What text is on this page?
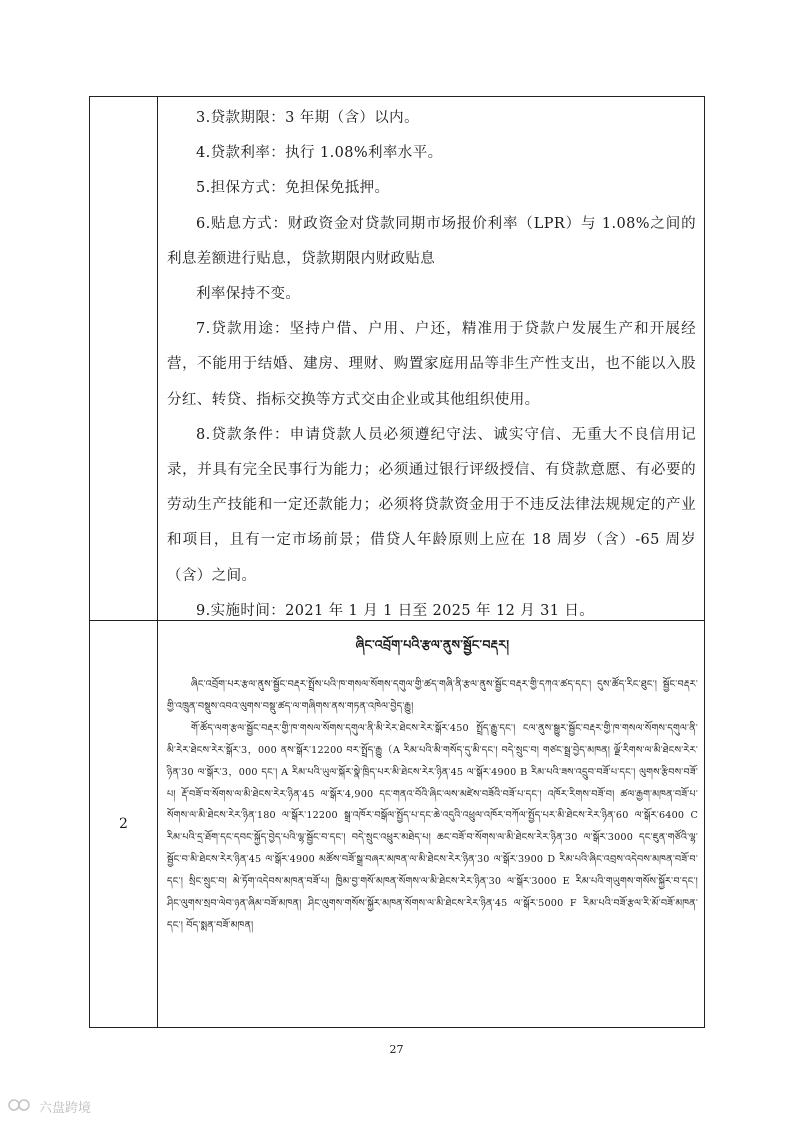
3.贷款期限：3 年期（含）以内。

4.贷款利率：执行 1.08%利率水平。

5.担保方式：免担保免抵押。

6.贴息方式：财政资金对贷款同期市场报价利率（LPR）与 1.08%之间的利息差额进行贴息，贷款期限内财政贴息

利率保持不变。

7.贷款用途：坚持户借、户用、户还，精准用于贷款户发展生产和开展经营，不能用于结婚、建房、理财、购置家庭用品等非生产性支出，也不能以入股分红、转贷、指标交换等方式交由企业或其他组织使用。

8.贷款条件：申请贷款人员必须遵纪守法、诚实守信、无重大不良信用记录，并具有完全民事行为能力；必须通过银行评级授信、有贷款意愿、有必要的劳动生产技能和一定还款能力；必须将贷款资金用于不违反法律法规规定的产业和项目，且有一定市场前景；借贷人年龄原则上应在 18 周岁（含）-65 周岁（含）之间。

9.实施时间：2021 年 1 月 1 日至 2025 年 12 月 31 日。

2
ཞིང་འབྲོག་པའི་རྩལ་ནུས་སྦྱོང་བརྡར།

ཞིང་འབྲོག་པར་རྩལ་ནུས་སྦྱོང་བརྡར་སྤྲོས་པའི་ཁ་གསལ་སོགས་དགུལ་གྱི་ཚད་གཞི་ནི་རྩལ་ནུས་སྦྱོང་བརྡར་གྱི་དཀའ་ཚད་དང་། དུས་ཚོད་རིང་ཐུང་། སྦྱོང་བརྡར་གྱི་འཁྲུན་བསྡུས་འབའ་ལུགས་བསྡུ་ཚད་ལ་གཞིགས་ནས་གཏན་འཁེལ་བྱེད་རྒྱུ།

གོ་ཚོད་ལག་རྩལ་སྦྱོང་བརྡར་གྱི་ཁ་གསལ་སོགས་དགུལ་ནི་མི་རེར་ཐེངས་རེར་སྒོར་450 སྤྲོད་རྒྱུ་དང་། ངལ་ནུས་སྒྱུར་སྦྱོང་བརྡར་གྱི་ཁ་གསལ་སོགས་དགུལ་ནི་མི་རེར་ཐེངས་རེར་སྒོར་3，000 ནས་སྒོར་12200 བར་སྤྲོད་རྒྱུ（A རིམ་པའི་མི་གསོད་དུ་མི་དང་། བདེ་སྲུང་བ། གཙང་སྦྲ་བྱེད་མཁན། ལྗོ་རིགས་ལ་མི་ཐེངས་རེར་ཉིན་30 ལ་སྒོར་3，000 དང་། A རིམ་པའི་ཡུལ་སྐོར་སྣེ་ཁྲིད་པར་མི་ཐེངས་རེར་ཉིན་45 ལ་སྒོར་4900 B རིམ་པའི་ཟས་འདྲུབ་བཟོ་པ་དང་། ལུགས་རྩིབས་བཟོ་པ། རྡོ་བཟོ་བ་སོགས་ལ་མི་ཐེངས་རེར་ཉིན་45 ལ་སྒོར་4,900 དང་གནའ་བོའི་ཞིང་ལས་མཛེས་བཟོའི་བཟོ་པ་དང་། འཁོར་རིགས་བཟོ་བ། ཚལ་རྒྱག་མཁན་བཟོ་པ་སོགས་ལ་མི་ཐེངས་རེར་ཉིན་180 ལ་སྒོར་12200 སྒྲ་འཁོར་བསྒོལ་སྤྱོད་པ་དང་ཆེ་འདུའི་འཕྲུལ་འཁོར་བཀོལ་སྤྱོད་པར་མི་ཐེངས་རེར་ཉིན་60 ལ་སྒོར་6400 C རིམ་པའི་དྲ་ཐོག་དང་དབང་སྐྱོད་བྱེད་པའི་ལྷ་སྦྱོང་བ་དང་། བདེ་སྲུང་འཕྲུར་མཐེད་པ། ཆང་བཟོ་བ་སོགས་ལ་མི་ཐེངས་རེར་ཉིན་30 ལ་སྒོར་3000 དང་ཇུན་གཙོའི་ལྷ་སྦྱོང་བ་མི་ཐེངས་རེར་ཉིན་45 ལ་སྒོར་4900 མཚོས་བཟོ་སྒྲ་བཞར་མཁན་ལ་མི་ཐེངས་རེར་ཉིན་30 ལ་སྒོར་3900 D རིམ་པའི་ཞིང་འབྲས་འདེབས་མཁན་བཟོ་བ་དང་། སྲིང་སྲུང་བ། མེ་ཏོག་འདེབས་མཁན་བཟོ་པ། ཁྱིམ་བྱ་གསོ་མཁན་སོགས་ལ་མི་ཐེངས་རེར་ཉིན་30 ལ་སྒོར་3000 E རིམ་པའི་གཡུགས་གསོས་སྐྱོར་བ་དང་། ཤིང་ལུགས་སྲབ་ལེབ་ཉན་ཞིམ་བཟོ་མཁན། ཤིང་ལུགས་གསོས་སྐྱོར་མཁན་སོགས་ལ་མི་ཐེངས་རེར་ཉིན་45 ལ་སྒོར་5000 F རིམ་པའི་བཟོ་རྩལ་རི་མོ་བཟོ་མཁན་དང་། བོད་སྨན་བཟོ་མཁན།

27
六盘跨境
